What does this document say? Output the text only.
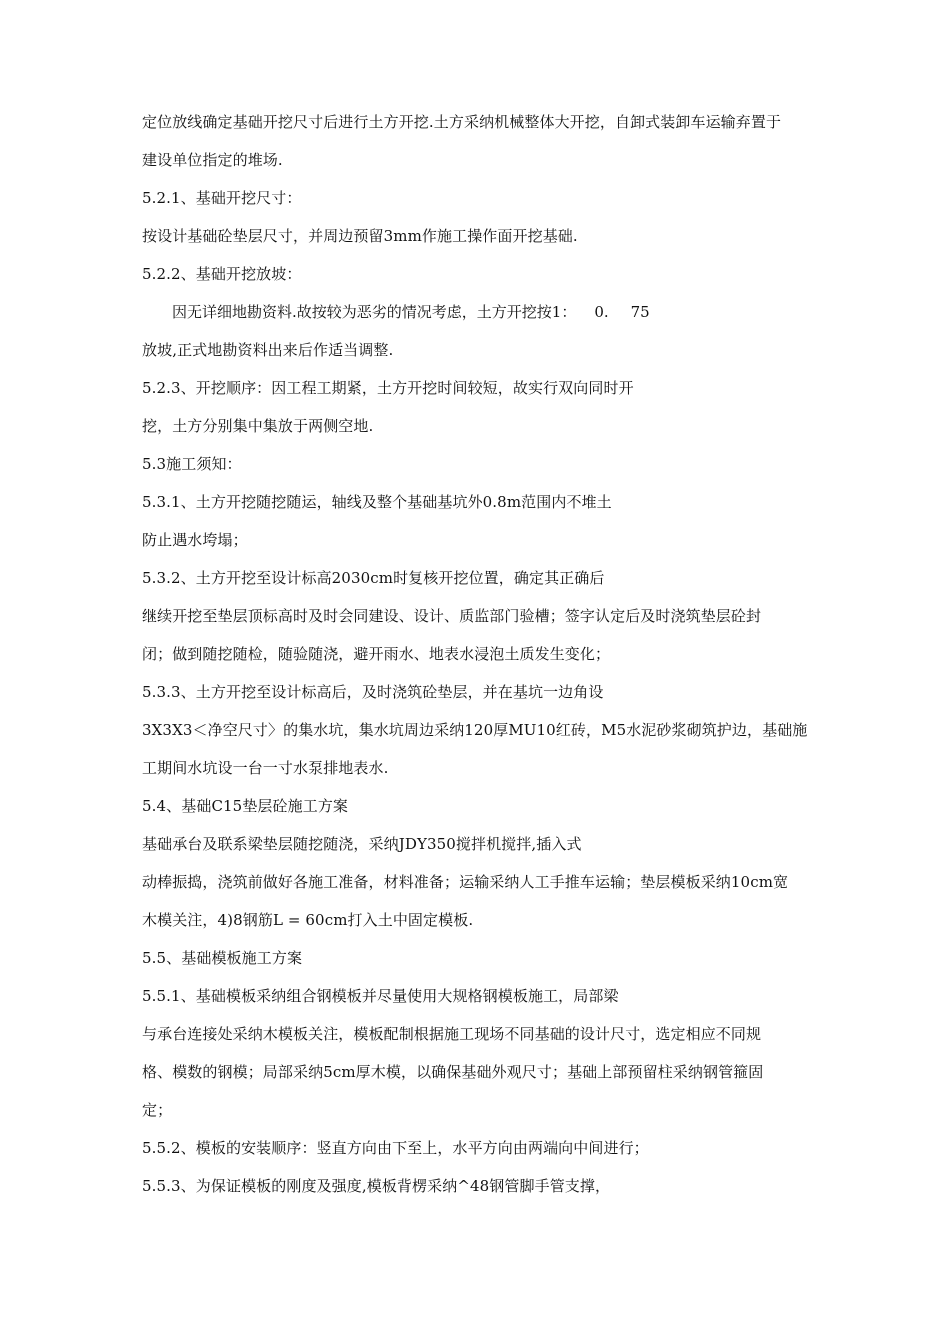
定位放线确定基础开挖尺寸后进行土方开挖.土方采纳机械整体大开挖，自卸式装卸车运输弃置于
建设单位指定的堆场.
5.2.1、基础开挖尺寸：
按设计基础砼垫层尺寸，并周边预留3mm作施工操作面开挖基础.
5.2.2、基础开挖放坡：
因无详细地勘资料.故按较为恶劣的情况考虑，土方开挖按1： 0. 75
放坡,正式地勘资料出来后作适当调整.
5.2.3、开挖顺序：因工程工期紧，土方开挖时间较短，故实行双向同时开
挖，土方分别集中集放于两侧空地.
5.3施工须知：
5.3.1、土方开挖随挖随运，轴线及整个基础基坑外0.8m范围内不堆土
防止遇水垮塌；
5.3.2、土方开挖至设计标高2030cm时复核开挖位置，确定其正确后
继续开挖至垫层顶标高时及时会同建设、设计、质监部门验槽；签字认定后及时浇筑垫层砼封
闭；做到随挖随检，随验随浇，避开雨水、地表水浸泡土质发生变化；
5.3.3、土方开挖至设计标高后，及时浇筑砼垫层，并在基坑一边角设
3X3X3＜净空尺寸〉的集水坑，集水坑周边采纳120厚MU10红砖，M5水泥砂浆砌筑护边，基础施
工期间水坑设一台一寸水泵排地表水.
5.4、基础C15垫层砼施工方案
基础承台及联系梁垫层随挖随浇，采纳JDY350搅拌机搅拌,插入式
动棒振捣，浇筑前做好各施工准备，材料准备；运输采纳人工手推车运输；垫层模板采纳10cm宽
木模关注，4)8钢筋L = 60cm打入土中固定模板.
5.5、基础模板施工方案
5.5.1、基础模板采纳组合钢模板并尽量使用大规格钢模板施工，局部梁
与承台连接处采纳木模板关注，模板配制根据施工现场不同基础的设计尺寸，选定相应不同规
格、模数的钢模；局部采纳5cm厚木模，以确保基础外观尺寸；基础上部预留柱采纳钢管箍固
定；
5.5.2、模板的安装顺序：竖直方向由下至上，水平方向由两端向中间进行；
5.5.3、为保证模板的刚度及强度,模板背楞采纳^48钢管脚手管支撑，
